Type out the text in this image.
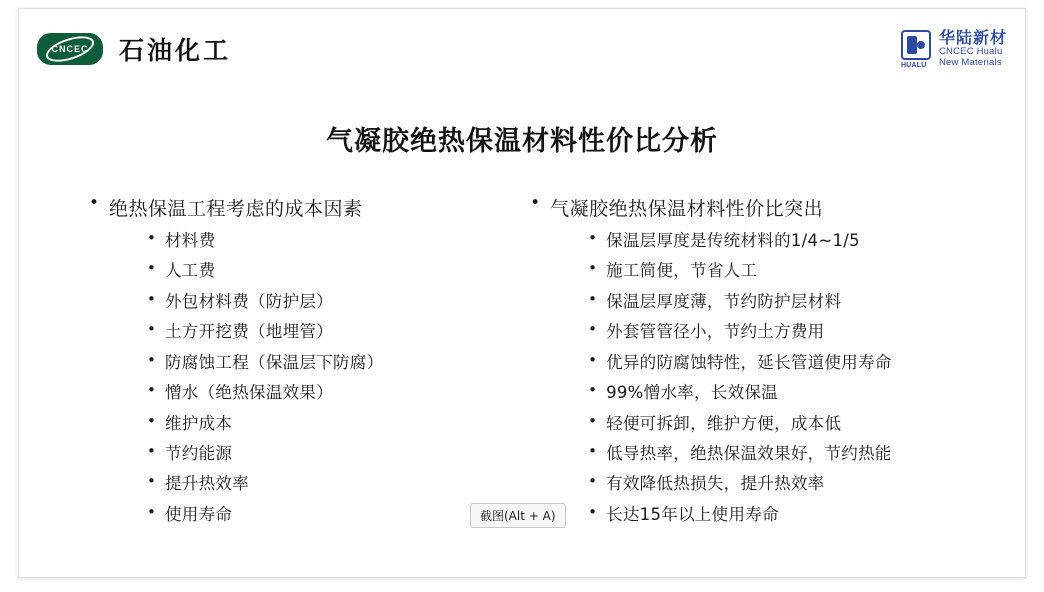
CNCEC 石油化工
HUALU
华陆新材
CNCEC Hualu
New Materials
气凝胶绝热保温材料性价比分析
• 绝热保温工程考虑的成本因素
• 材料费
• 人工费
• 外包材料费（防护层）
• 土方开挖费（地埋管）
• 防腐蚀工程（保温层下防腐）
• 憎水（绝热保温效果）
• 维护成本
• 节约能源
• 提升热效率
• 使用寿命
• 气凝胶绝热保温材料性价比突出
• 保温层厚度是传统材料的1/4~1/5
• 施工简便，节省人工
• 保温层厚度薄，节约防护层材料
• 外套管管径小，节约土方费用
• 优异的防腐蚀特性，延长管道使用寿命
• 99%憎水率，长效保温
• 轻便可拆卸，维护方便，成本低
• 低导热率，绝热保温效果好，节约热能
• 有效降低热损失，提升热效率
• 长达15年以上使用寿命
截图(Alt + A)
